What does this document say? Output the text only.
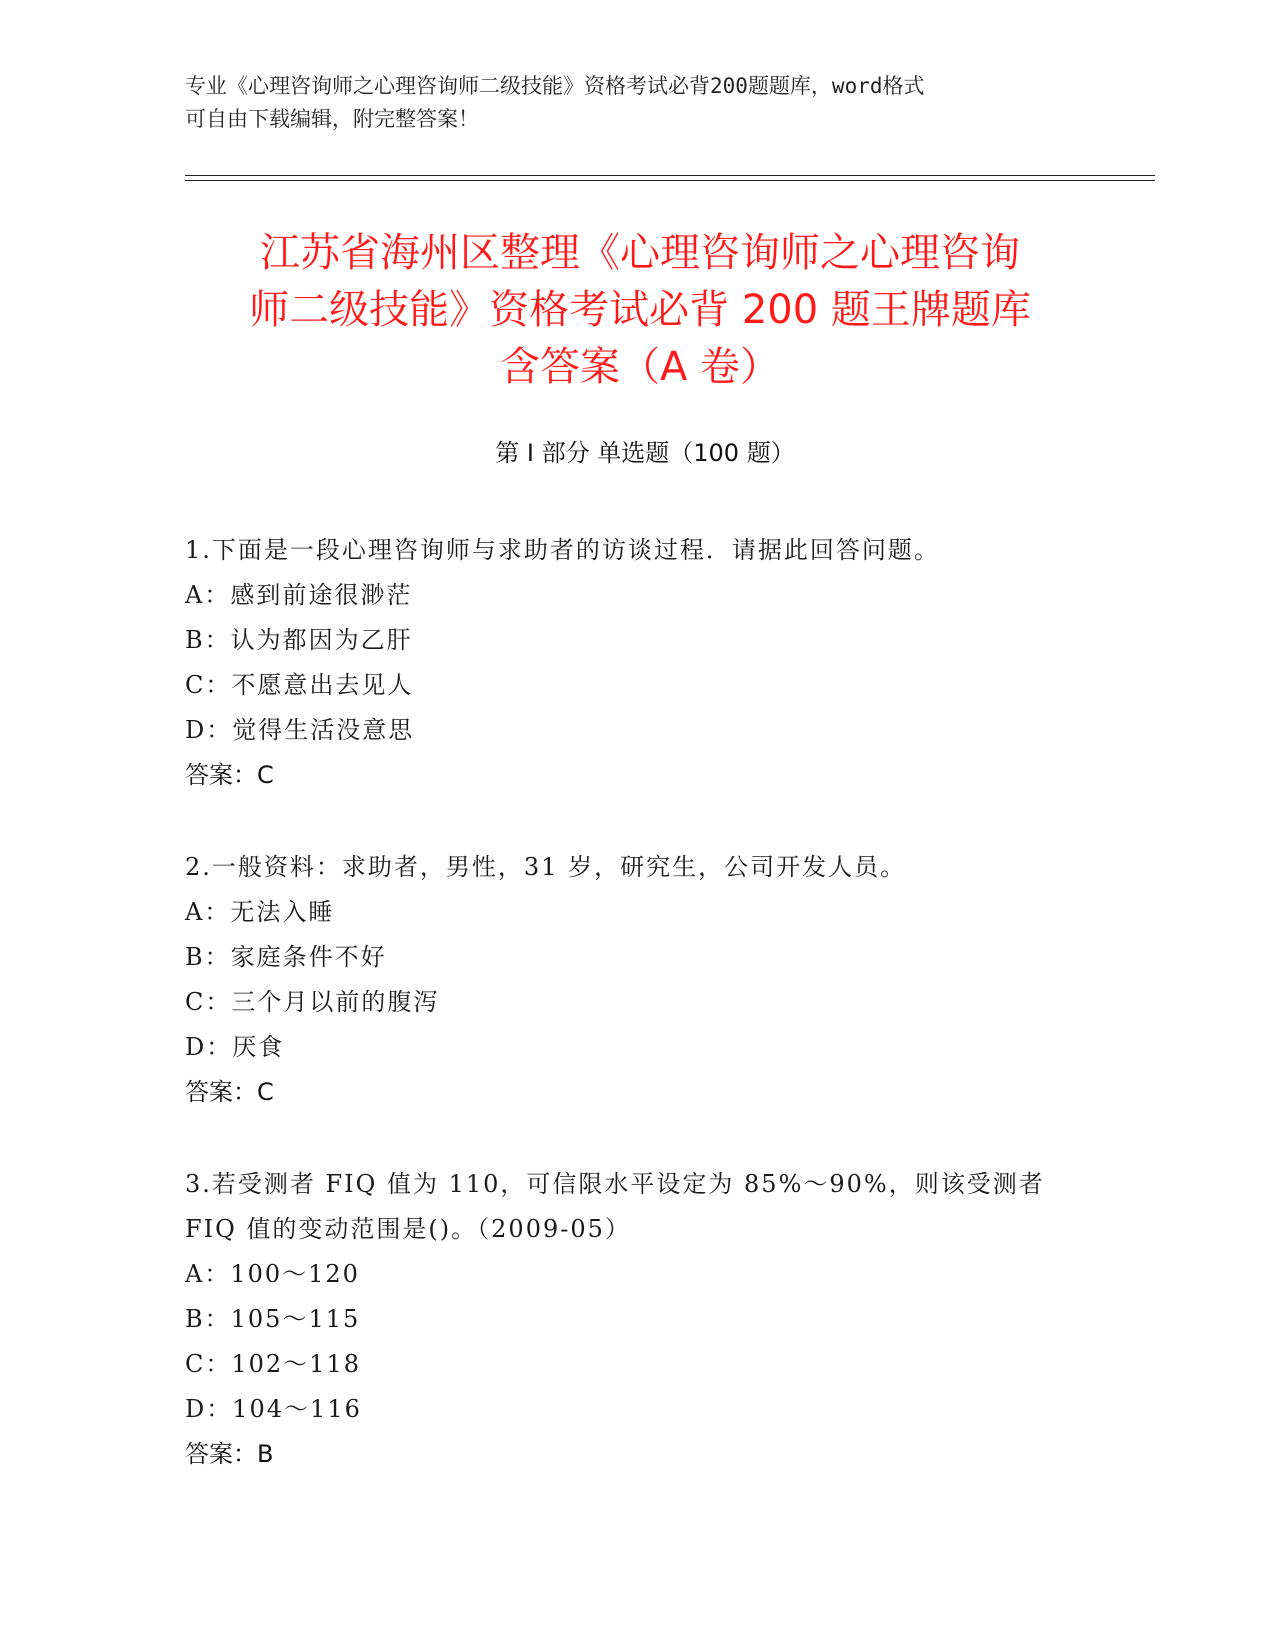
专业《心理咨询师之心理咨询师二级技能》资格考试必背200题题库，word格式
可自由下载编辑，附完整答案！
江苏省海州区整理《心理咨询师之心理咨询
师二级技能》资格考试必背 200 题王牌题库
含答案（A 卷）
第 I 部分 单选题（100 题）

1.下面是一段心理咨询师与求助者的访谈过程．请据此回答问题。

A：感到前途很渺茫

B：认为都因为乙肝

C：不愿意出去见人

D：觉得生活没意思

答案：C

2.一般资料：求助者，男性，31 岁，研究生，公司开发人员。

A：无法入睡

B：家庭条件不好

C：三个月以前的腹泻

D：厌食

答案：C

3.若受测者 FIQ 值为 110，可信限水平设定为 85%～90%，则该受测者

FIQ 值的变动范围是()。（2009-05）

A：100～120

B：105～115

C：102～118

D：104～116

答案：B
